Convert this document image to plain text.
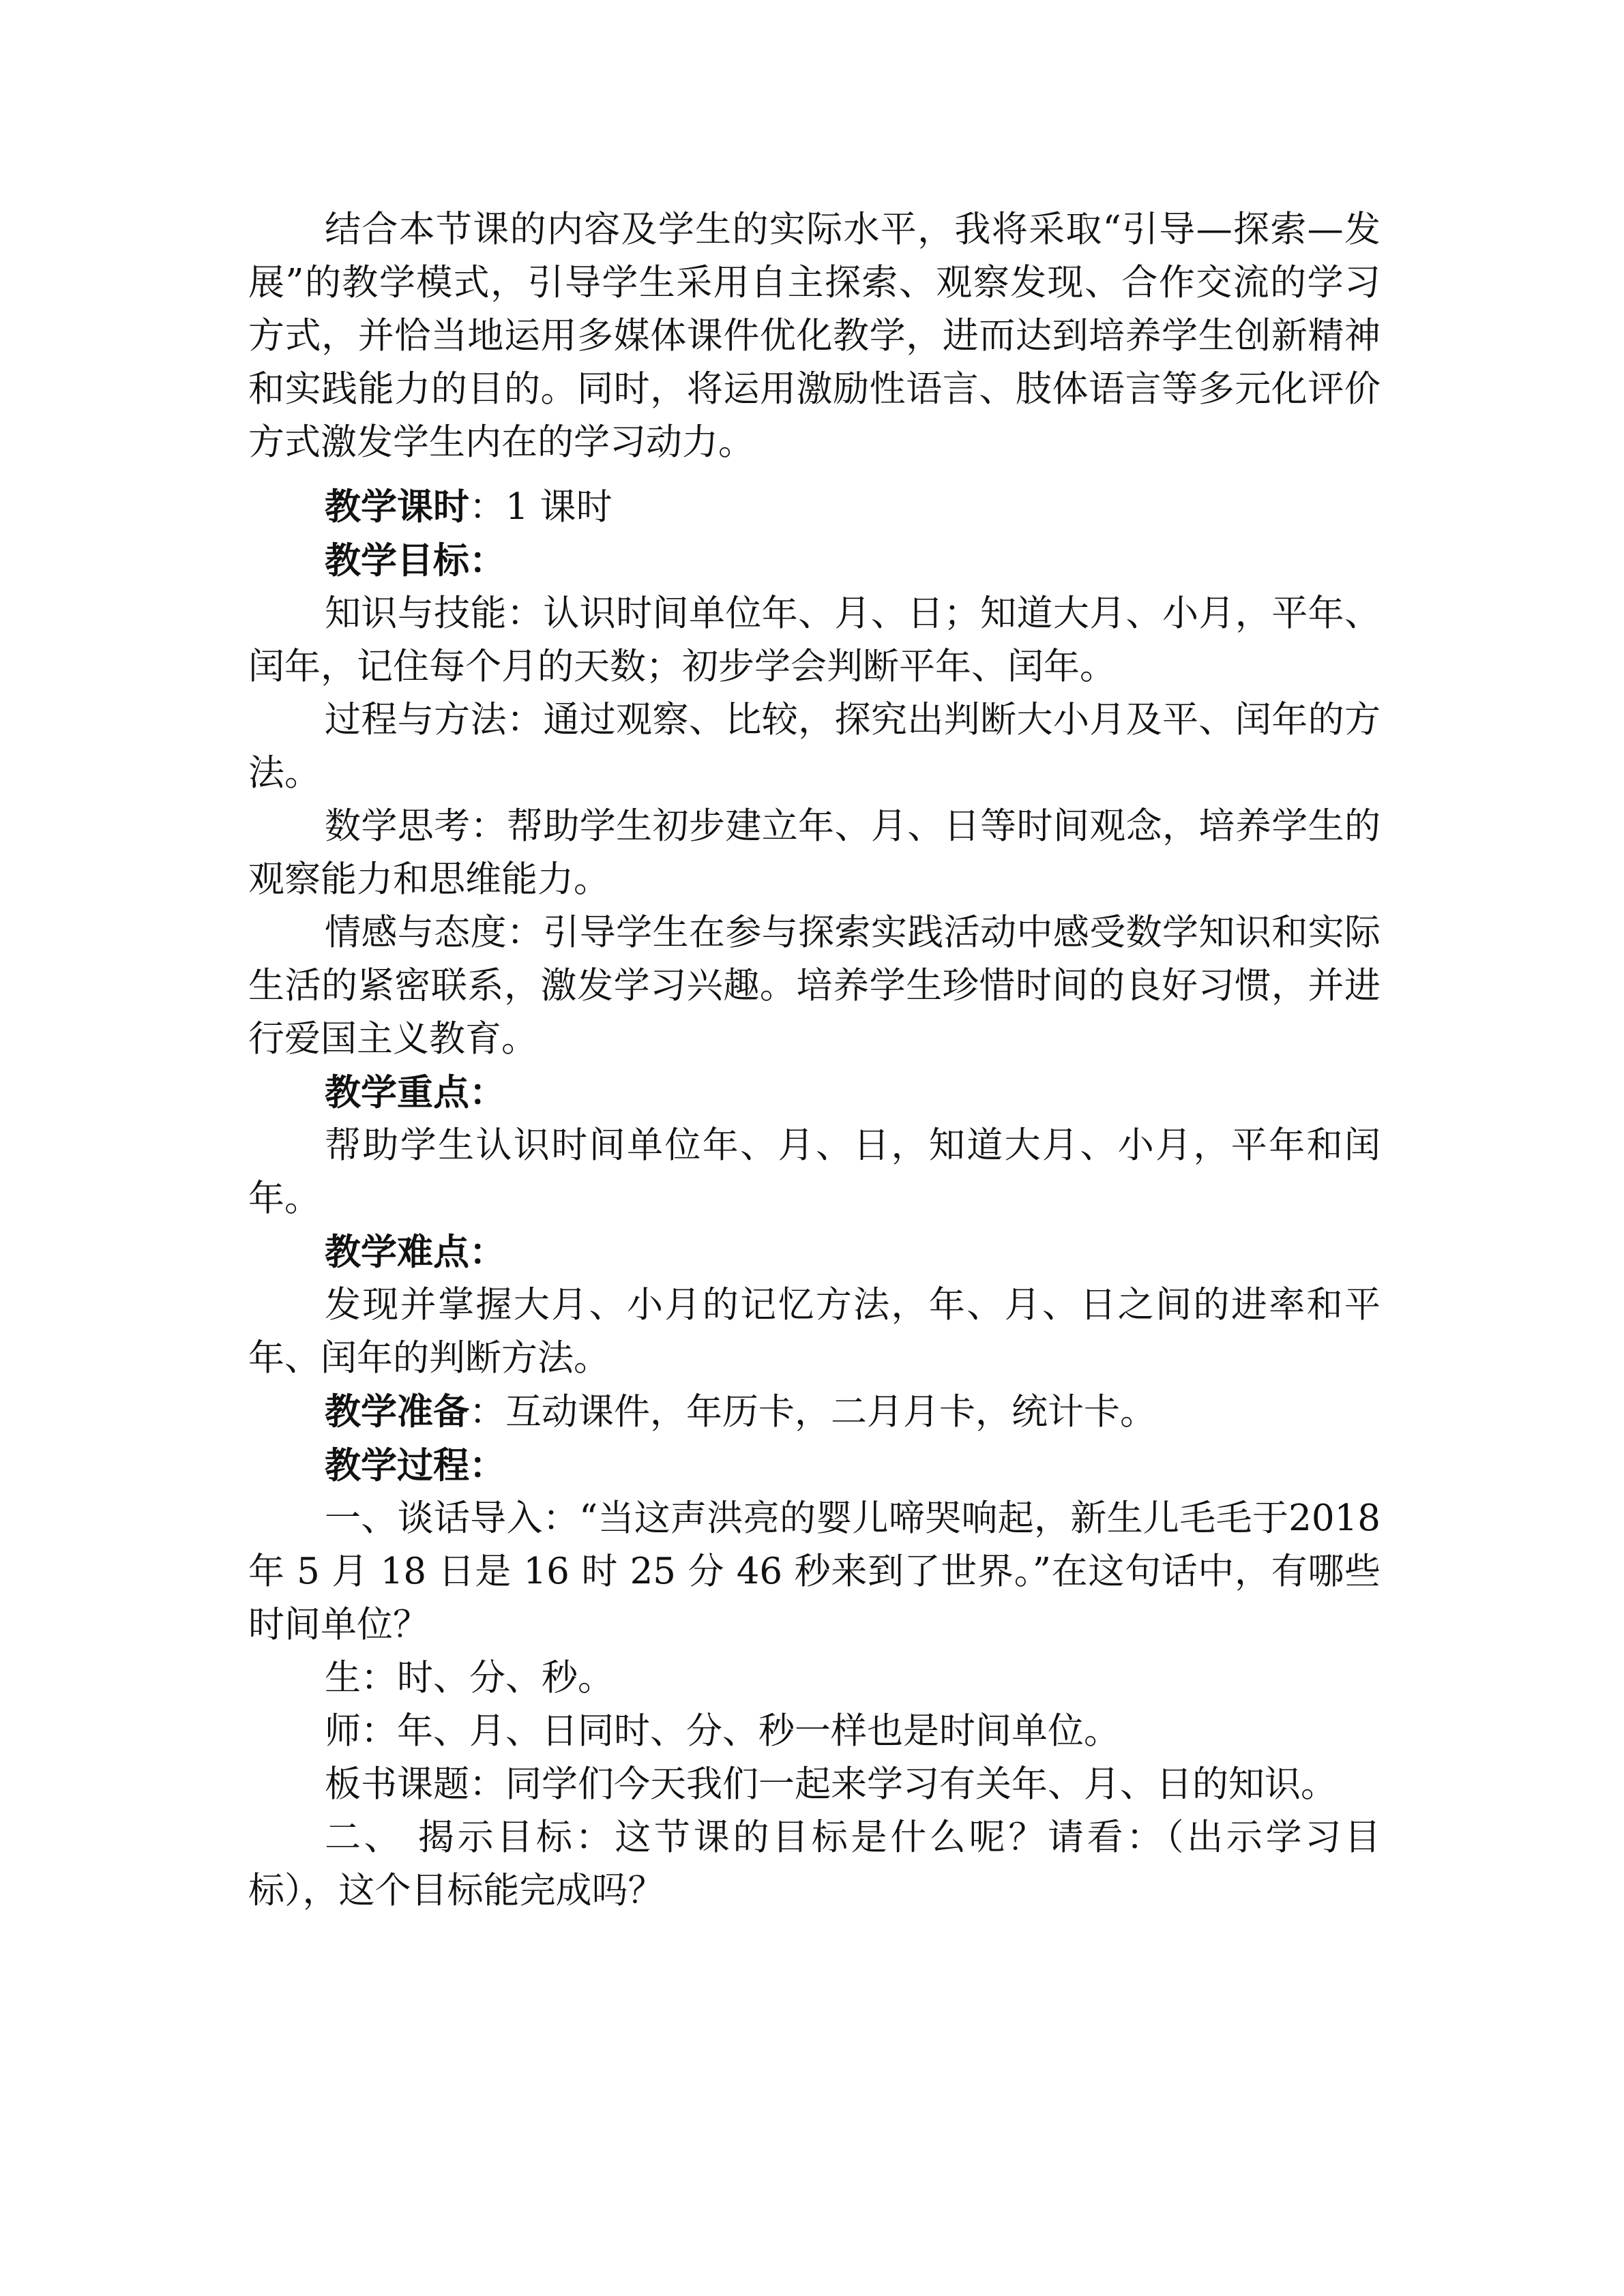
结合本节课的内容及学生的实际水平，我将采取“引导—探索—发展”的教学模式，引导学生采用自主探索、观察发现、合作交流的学习方式，并恰当地运用多媒体课件优化教学，进而达到培养学生创新精神和实践能力的目的。同时，将运用激励性语言、肢体语言等多元化评价方式激发学生内在的学习动力。

教学课时：1 课时

教学目标：

知识与技能：认识时间单位年、月、日；知道大月、小月，平年、闰年，记住每个月的天数；初步学会判断平年、闰年。

过程与方法：通过观察、比较，探究出判断大小月及平、闰年的方法。

数学思考：帮助学生初步建立年、月、日等时间观念，培养学生的观察能力和思维能力。

情感与态度：引导学生在参与探索实践活动中感受数学知识和实际生活的紧密联系，激发学习兴趣。培养学生珍惜时间的良好习惯，并进行爱国主义教育。

教学重点：

帮助学生认识时间单位年、月、日，知道大月、小月，平年和闰年。

教学难点：

发现并掌握大月、小月的记忆方法，年、月、日之间的进率和平年、闰年的判断方法。

教学准备：互动课件，年历卡，二月月卡，统计卡。

教学过程：

一、谈话导入：“当这声洪亮的婴儿啼哭响起，新生儿毛毛于2018 年 5 月 18 日是 16 时 25 分 46 秒来到了世界。”在这句话中，有哪些时间单位？

生：时、分、秒。

师：年、月、日同时、分、秒一样也是时间单位。

板书课题：同学们今天我们一起来学习有关年、月、日的知识。

二、 揭示目标：这节课的目标是什么呢？请看：（出示学习目标），这个目标能完成吗？
